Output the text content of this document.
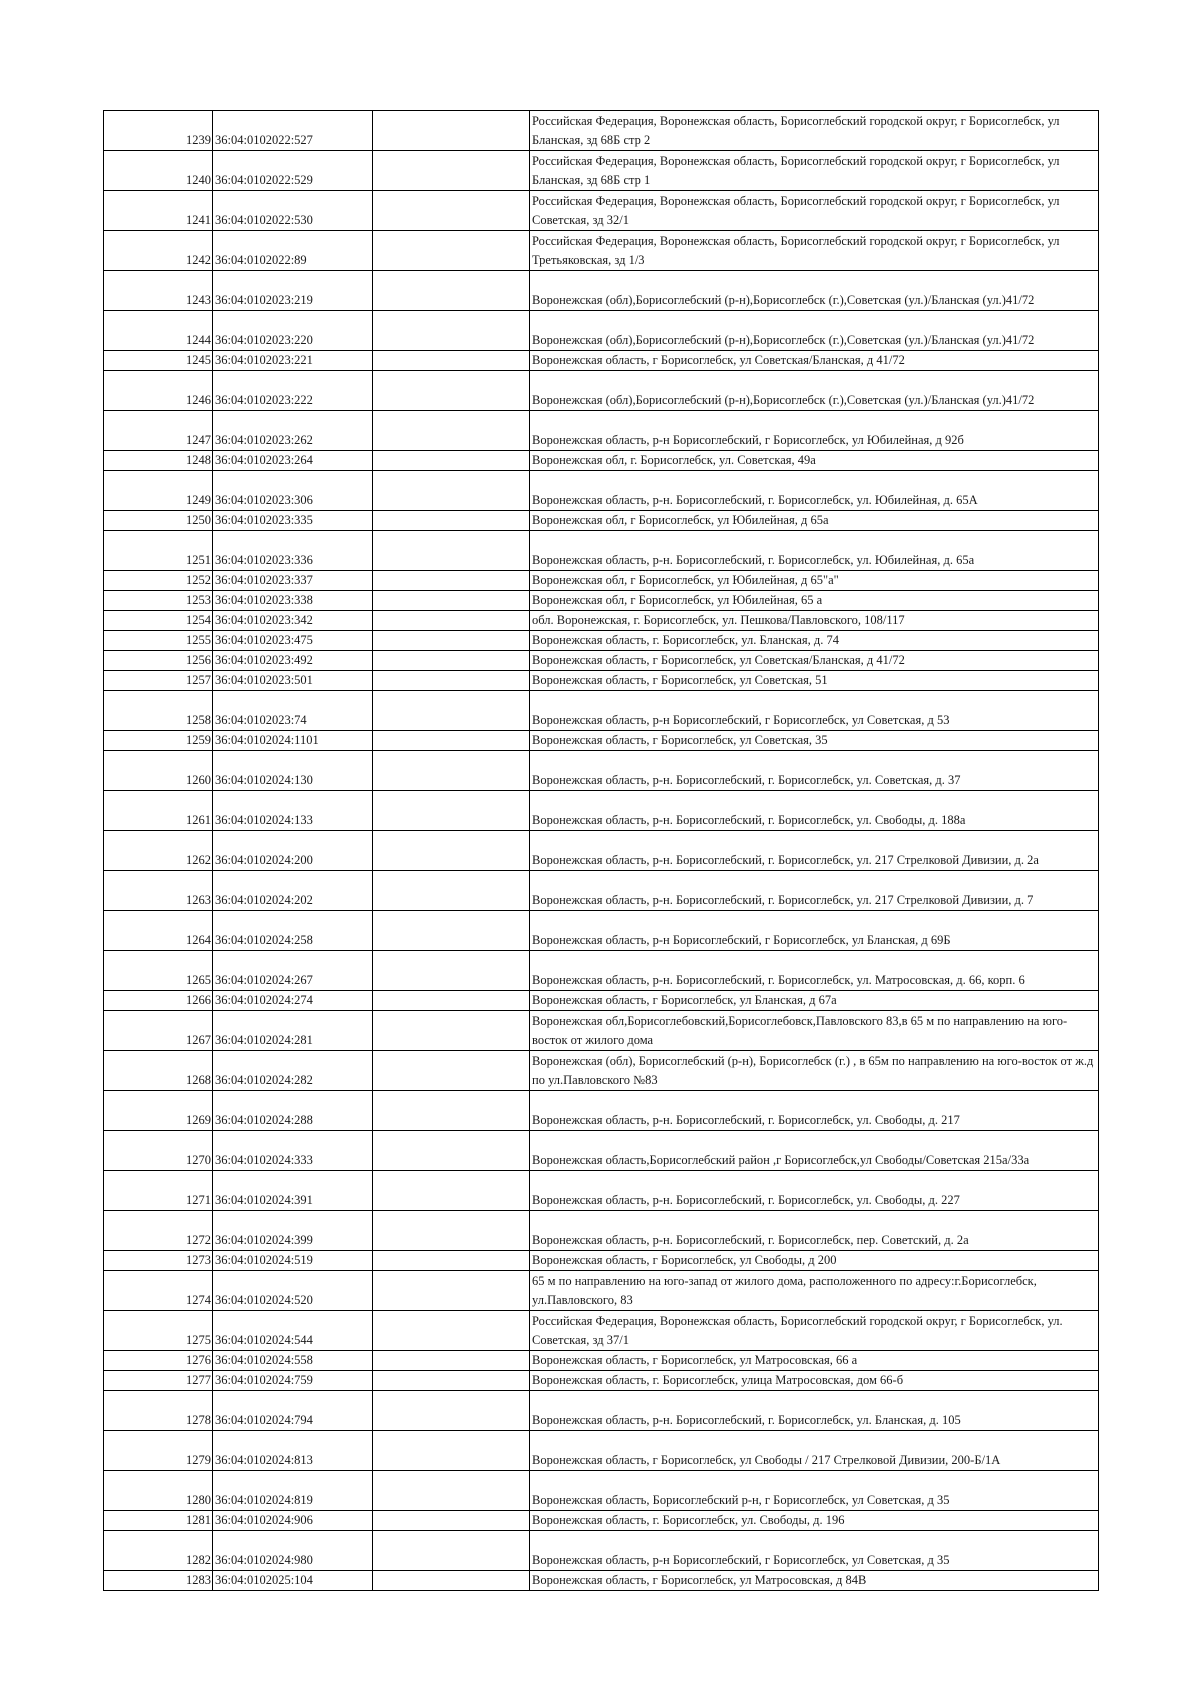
1239	36:04:0102022:527		Российская Федерация, Воронежская область, Борисоглебский городской округ, г Борисоглебск, ул Бланская, зд 68Б стр 2
1240	36:04:0102022:529		Российская Федерация, Воронежская область, Борисоглебский городской округ, г Борисоглебск, ул Бланская, зд 68Б стр 1
1241	36:04:0102022:530		Российская Федерация, Воронежская область, Борисоглебский городской округ, г Борисоглебск, ул Советская, зд 32/1
1242	36:04:0102022:89		Российская Федерация, Воронежская область, Борисоглебский городской округ, г Борисоглебск, ул Третьяковская, зд 1/3
1243	36:04:0102023:219		Воронежская (обл),Борисоглебский (р-н),Борисоглебск (г.),Советская (ул.)/Бланская (ул.)41/72
1244	36:04:0102023:220		Воронежская (обл),Борисоглебский (р-н),Борисоглебск (г.),Советская (ул.)/Бланская (ул.)41/72
1245	36:04:0102023:221		Воронежская область, г Борисоглебск, ул Советская/Бланская, д 41/72
1246	36:04:0102023:222		Воронежская (обл),Борисоглебский (р-н),Борисоглебск (г.),Советская (ул.)/Бланская (ул.)41/72
1247	36:04:0102023:262		Воронежская область, р-н Борисоглебский, г Борисоглебск, ул Юбилейная, д 92б
1248	36:04:0102023:264		Воронежская обл, г. Борисоглебск, ул. Советская, 49а
1249	36:04:0102023:306		Воронежская область, р-н. Борисоглебский, г. Борисоглебск, ул. Юбилейная, д. 65А
1250	36:04:0102023:335		Воронежская обл, г Борисоглебск, ул Юбилейная, д 65а
1251	36:04:0102023:336		Воронежская область, р-н. Борисоглебский, г. Борисоглебск, ул. Юбилейная, д. 65а
1252	36:04:0102023:337		Воронежская обл, г Борисоглебск, ул Юбилейная, д 65"а"
1253	36:04:0102023:338		Воронежская обл, г Борисоглебск, ул Юбилейная, 65 а
1254	36:04:0102023:342		обл. Воронежская, г. Борисоглебск, ул. Пешкова/Павловского, 108/117
1255	36:04:0102023:475		Воронежская область, г. Борисоглебск, ул. Бланская, д. 74
1256	36:04:0102023:492		Воронежская область, г Борисоглебск, ул Советская/Бланская, д 41/72
1257	36:04:0102023:501		Воронежская область, г Борисоглебск, ул Советская, 51
1258	36:04:0102023:74		Воронежская область, р-н Борисоглебский, г Борисоглебск, ул Советская, д 53
1259	36:04:0102024:1101		Воронежская область, г Борисоглебск, ул Советская, 35
1260	36:04:0102024:130		Воронежская область, р-н. Борисоглебский, г. Борисоглебск, ул. Советская, д. 37
1261	36:04:0102024:133		Воронежская область, р-н. Борисоглебский, г. Борисоглебск, ул. Свободы, д. 188а
1262	36:04:0102024:200		Воронежская область, р-н. Борисоглебский, г. Борисоглебск, ул. 217 Стрелковой Дивизии, д. 2а
1263	36:04:0102024:202		Воронежская область, р-н. Борисоглебский, г. Борисоглебск, ул. 217 Стрелковой Дивизии, д. 7
1264	36:04:0102024:258		Воронежская область, р-н Борисоглебский, г Борисоглебск, ул Бланская, д 69Б
1265	36:04:0102024:267		Воронежская область, р-н. Борисоглебский, г. Борисоглебск, ул. Матросовская, д. 66, корп. 6
1266	36:04:0102024:274		Воронежская область, г Борисоглебск, ул Бланская, д 67а
1267	36:04:0102024:281		Воронежская обл,Борисоглебовский,Борисоглебовск,Павловского 83,в 65 м по направлению на юго-восток от жилого дома
1268	36:04:0102024:282		Воронежская (обл), Борисоглебский (р-н), Борисоглебск (г.) , в 65м по направлению на юго-восток от ж.д по ул.Павловского №83
1269	36:04:0102024:288		Воронежская область, р-н. Борисоглебский, г. Борисоглебск, ул. Свободы, д. 217
1270	36:04:0102024:333		Воронежская область,Борисоглебский район ,г Борисоглебск,ул Свободы/Советская 215а/33а
1271	36:04:0102024:391		Воронежская область, р-н. Борисоглебский, г. Борисоглебск, ул. Свободы, д. 227
1272	36:04:0102024:399		Воронежская область, р-н. Борисоглебский, г. Борисоглебск, пер. Советский, д. 2а
1273	36:04:0102024:519		Воронежская область, г Борисоглебск, ул Свободы, д 200
1274	36:04:0102024:520		65 м по направлению на юго-запад от жилого дома, расположенного по адресу:г.Борисоглебск, ул.Павловского, 83
1275	36:04:0102024:544		Российская Федерация, Воронежская область, Борисоглебский городской округ, г Борисоглебск, ул. Советская, зд 37/1
1276	36:04:0102024:558		Воронежская область, г Борисоглебск, ул Матросовская, 66 а
1277	36:04:0102024:759		Воронежская область, г. Борисоглебск, улица Матросовская, дом 66-б
1278	36:04:0102024:794		Воронежская область, р-н. Борисоглебский, г. Борисоглебск, ул. Бланская, д. 105
1279	36:04:0102024:813		Воронежская область, г Борисоглебск, ул Свободы / 217 Стрелковой Дивизии, 200-Б/1А
1280	36:04:0102024:819		Воронежская область, Борисоглебский р-н, г Борисоглебск, ул Советская, д 35
1281	36:04:0102024:906		Воронежская область, г. Борисоглебск, ул. Свободы, д. 196
1282	36:04:0102024:980		Воронежская область, р-н Борисоглебский, г Борисоглебск, ул Советская, д 35
1283	36:04:0102025:104		Воронежская область, г Борисоглебск, ул Матросовская, д 84В
